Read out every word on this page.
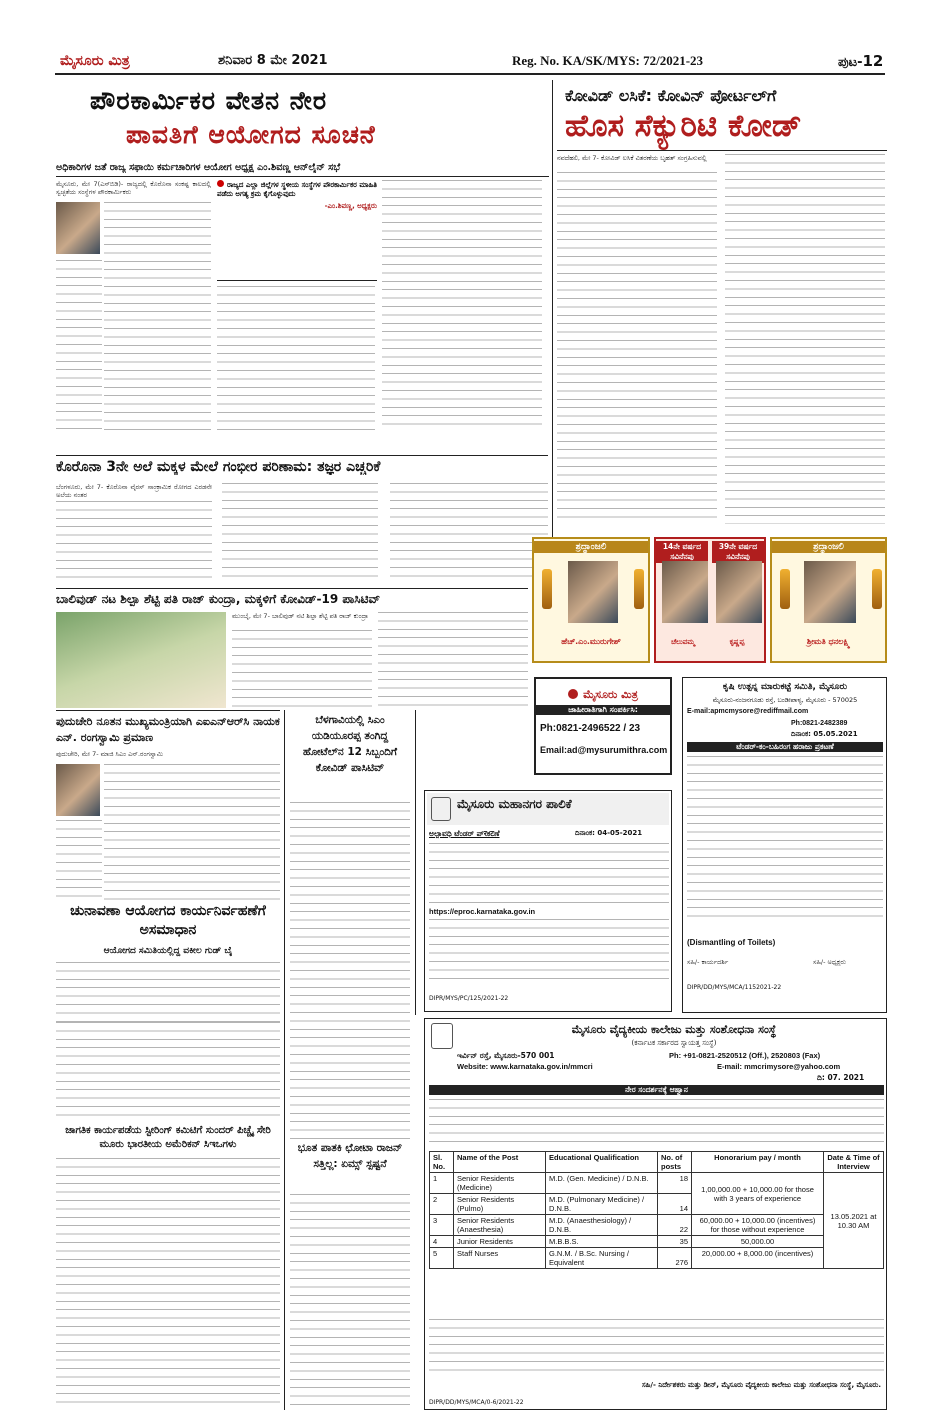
ಮೈಸೂರು ಮಿತ್ರ	ಶನಿವಾರ 8 ಮೇ 2021	Reg. No. KA/SK/MYS: 72/2021-23	ಪುಟ-12
ಪೌರಕಾರ್ಮಿಕರ ವೇತನ ನೇರ
ಪಾವತಿಗೆ ಆಯೋಗದ ಸೂಚನೆ
ಅಧಿಕಾರಿಗಳ ಜತೆ ರಾಜ್ಯ ಸಫಾಯಿ ಕರ್ಮಚಾರಿಗಳ ಆಯೋಗ ಅಧ್ಯಕ್ಷ ಎಂ.ಶಿವಣ್ಣ ಆನ್‌ಲೈನ್ ಸಭೆ
ಮೈಸೂರು, ಮೇ 7(ಎಸ್‌ಬಿಡಿ)- ರಾಜ್ಯದಲ್ಲಿ ಕೊರೊನಾ ಸಂಕಷ್ಟ ಕಾಲದಲ್ಲಿ ಸ್ವಚ್ಛತೆಯ ಸಂಸ್ಥೆಗಳ ಪೌರಕಾರ್ಮಿಕರು
ರಾಜ್ಯದ ಎಲ್ಲಾ ಜಿಲ್ಲೆಗಳ ಸ್ಥಳೀಯ ಸಂಸ್ಥೆಗಳ ಪೌರಕಾರ್ಮಿಕರ ಮಾಹಿತಿ ಪಡೆದು ಅಗತ್ಯ ಕ್ರಮ ಕೈಗೊಳ್ಳುವುದು
-ಎಂ.ಶಿವಣ್ಣ, ಅಧ್ಯಕ್ಷರು
ಕೋವಿಡ್ ಲಸಿಕೆ: ಕೋವಿನ್ ಪೋರ್ಟಲ್‌ಗೆ
ಹೊಸ ಸೆಕ್ಯುರಿಟಿ ಕೋಡ್
ನವದೆಹಲಿ, ಮೇ 7- ಕೋವಿಡ್ ಲಸಿಕೆ ವಿತರಣೆಯ ಬೃಹತ್ ಸಂಗ್ರಹಿಸುವಲ್ಲಿ
ಕೊರೊನಾ 3ನೇ ಅಲೆ ಮಕ್ಕಳ ಮೇಲೆ ಗಂಭೀರ ಪರಿಣಾಮ: ತಜ್ಞರ ಎಚ್ಚರಿಕೆ
ಬೆಂಗಳೂರು, ಮೇ 7- ಕೊರೊನಾ ವೈರಸ್ ಸಾಂಕ್ರಾಮಿಕ ರೋಗದ ಎರಡನೇ ಅಲೆಯ ನಂತರ
ಶ್ರದ್ಧಾಂಜಲಿ
ಹೆಚ್.ಎಂ.ಮುರುಗೇಶ್
14ನೇ ವರ್ಷದ ಸವಿನೆನಪು
39ನೇ ವರ್ಷದ ಸವಿನೆನಪು
ಚೆಲುವಮ್ಮ	ಕೃಷ್ಣಪ್ಪ
ಶ್ರದ್ಧಾಂಜಲಿ
ಶ್ರೀಮತಿ ಧನಲಕ್ಷ್ಮಿ
ಬಾಲಿವುಡ್ ನಟ ಶಿಲ್ಪಾ ಶೆಟ್ಟಿ ಪತಿ ರಾಜ್ ಕುಂದ್ರಾ, ಮಕ್ಕಳಿಗೆ ಕೋವಿಡ್-19 ಪಾಸಿಟಿವ್
ಮುಂಬೈ, ಮೇ 7- ಬಾಲಿವುಡ್ ನಟಿ ಶಿಲ್ಪಾ ಶೆಟ್ಟಿ ಪತಿ ರಾಜ್ ಕುಂದ್ರಾ
ಪುದುಚೇರಿ ನೂತನ ಮುಖ್ಯಮಂತ್ರಿಯಾಗಿ ಎಐಎನ್‌ಆರ್‌ಸಿ ನಾಯಕ ಎನ್. ರಂಗಸ್ವಾಮಿ ಪ್ರಮಾಣ
ಪುದುಚೇರಿ, ಮೇ 7- ಮಾಜಿ ಸಿಎಂ ಎನ್.ರಂಗಸ್ವಾಮಿ
ಚುನಾವಣಾ ಆಯೋಗದ ಕಾರ್ಯನಿರ್ವಹಣೆಗೆ ಅಸಮಾಧಾನ
ಆಯೋಗದ ಸಮಿತಿಯಲ್ಲಿದ್ದ ವಕೀಲ ಗುಡ್ ಬೈ
ಜಾಗತಿಕ ಕಾರ್ಯಪಡೆಯ ಸ್ಟೀರಿಂಗ್ ಕಮಿಟಿಗೆ ಸುಂದರ್ ಪಿಚ್ಚೈ ಸೇರಿ ಮೂರು ಭಾರತೀಯ ಅಮೆರಿಕನ್ ಸಿಇಒಗಳು
ಬೆಳಗಾವಿಯಲ್ಲಿ ಸಿಎಂ ಯಡಿಯೂರಪ್ಪ ತಂಗಿದ್ದ ಹೋಟೆಲ್‌ನ 12 ಸಿಬ್ಬಂದಿಗೆ ಕೋವಿಡ್ ಪಾಸಿಟಿವ್
ಭೂತ ಪಾತಕಿ ಛೋಟಾ ರಾಜನ್ ಸತ್ತಿಲ್ಲ: ಏಮ್ಸ್ ಸ್ಪಷ್ಟನೆ
ಮೈಸೂರು ಮಿತ್ರ
ಜಾಹೀರಾತಿಗಾಗಿ ಸಂಪರ್ಕಿಸಿ:
Ph:0821-2496522 / 23
Email:ad@mysurumithra.com
ಕೃಷಿ ಉತ್ಪನ್ನ ಮಾರುಕಟ್ಟೆ ಸಮಿತಿ, ಮೈಸೂರು
ಮೈಸೂರು-ನಂಜನಗೂಡು ರಸ್ತೆ, ಬಂಡೀಪಾಳ್ಯ, ಮೈಸೂರು - 570025
E-mail:apmcmysore@rediffmail.com
Ph:0821-2482389
ದಿನಾಂಕ: 05.05.2021
ಟೆಂಡರ್-ಕಂ-ಬಹಿರಂಗ ಹರಾಜು ಪ್ರಕಟಣೆ
(Dismantling of Toilets)
ಸಹಿ/- ಕಾರ್ಯದರ್ಶಿ	ಸಹಿ/- ಅಧ್ಯಕ್ಷರು
DIPR/DD/MYS/MCA/1152021-22
ಮೈಸೂರು ಮಹಾನಗರ ಪಾಲಿಕೆ
ಅಲ್ಪಾವಧಿ ಟೆಂಡರ್ ಪ್रಕटಣೆ	ದಿನಾಂಕ: 04-05-2021
https://eproc.karnataka.gov.in
DIPR/MYS/PC/125/2021-22
ಮೈಸೂರು ವೈದ್ಯಕೀಯ ಕಾಲೇಜು ಮತ್ತು ಸಂಶೋಧನಾ ಸಂಸ್ಥೆ
(ಕರ್ನಾಟಕ ಸರ್ಕಾರದ ಸ್ವಾಯತ್ತ ಸಂಸ್ಥೆ)
ಇರ್ವಿನ್ ರಸ್ತೆ, ಮೈಸೂರು-570 001	Ph: +91-0821-2520512 (Off.), 2520803 (Fax)
Website: www.karnataka.gov.in/mmcri	E-mail: mmcrimysore@yahoo.com
ದಿ: 07. 2021
ನೇರ ಸಂದರ್ಶನಕ್ಕೆ ಆಹ್ವಾನ
Sl. No.	Name of the Post	Educational Qualification	No. of posts	Honorarium pay / month	Date & Time of Interview
1	Senior Residents (Medicine)	M.D. (Gen. Medicine) / D.N.B.	18	1,00,000.00 + 10,000.00 for those with 3 years of experience	13.05.2021 at 10.30 AM
2	Senior Residents (Pulmo)	M.D. (Pulmonary Medicine) / D.N.B.	14		
3	Senior Residents (Anaesthesia)	M.D. (Anaesthesiology) / D.N.B.	22	60,000.00 + 10,000.00 (incentives) for those without experience	
4	Junior Residents	M.B.B.S.	35	50,000.00	
5	Staff Nurses	G.N.M. / B.Sc. Nursing / Equivalent	276	20,000.00 + 8,000.00 (incentives)	
ಸಹಿ/- ನಿರ್ದೇಶಕರು ಮತ್ತು ಡೀನ್, ಮೈಸೂರು ವೈದ್ಯಕೀಯ ಕಾಲೇಜು ಮತ್ತು ಸಂಶೋಧನಾ ಸಂಸ್ಥೆ, ಮೈಸೂರು.
DIPR/DD/MYS/MCA/0-6/2021-22
